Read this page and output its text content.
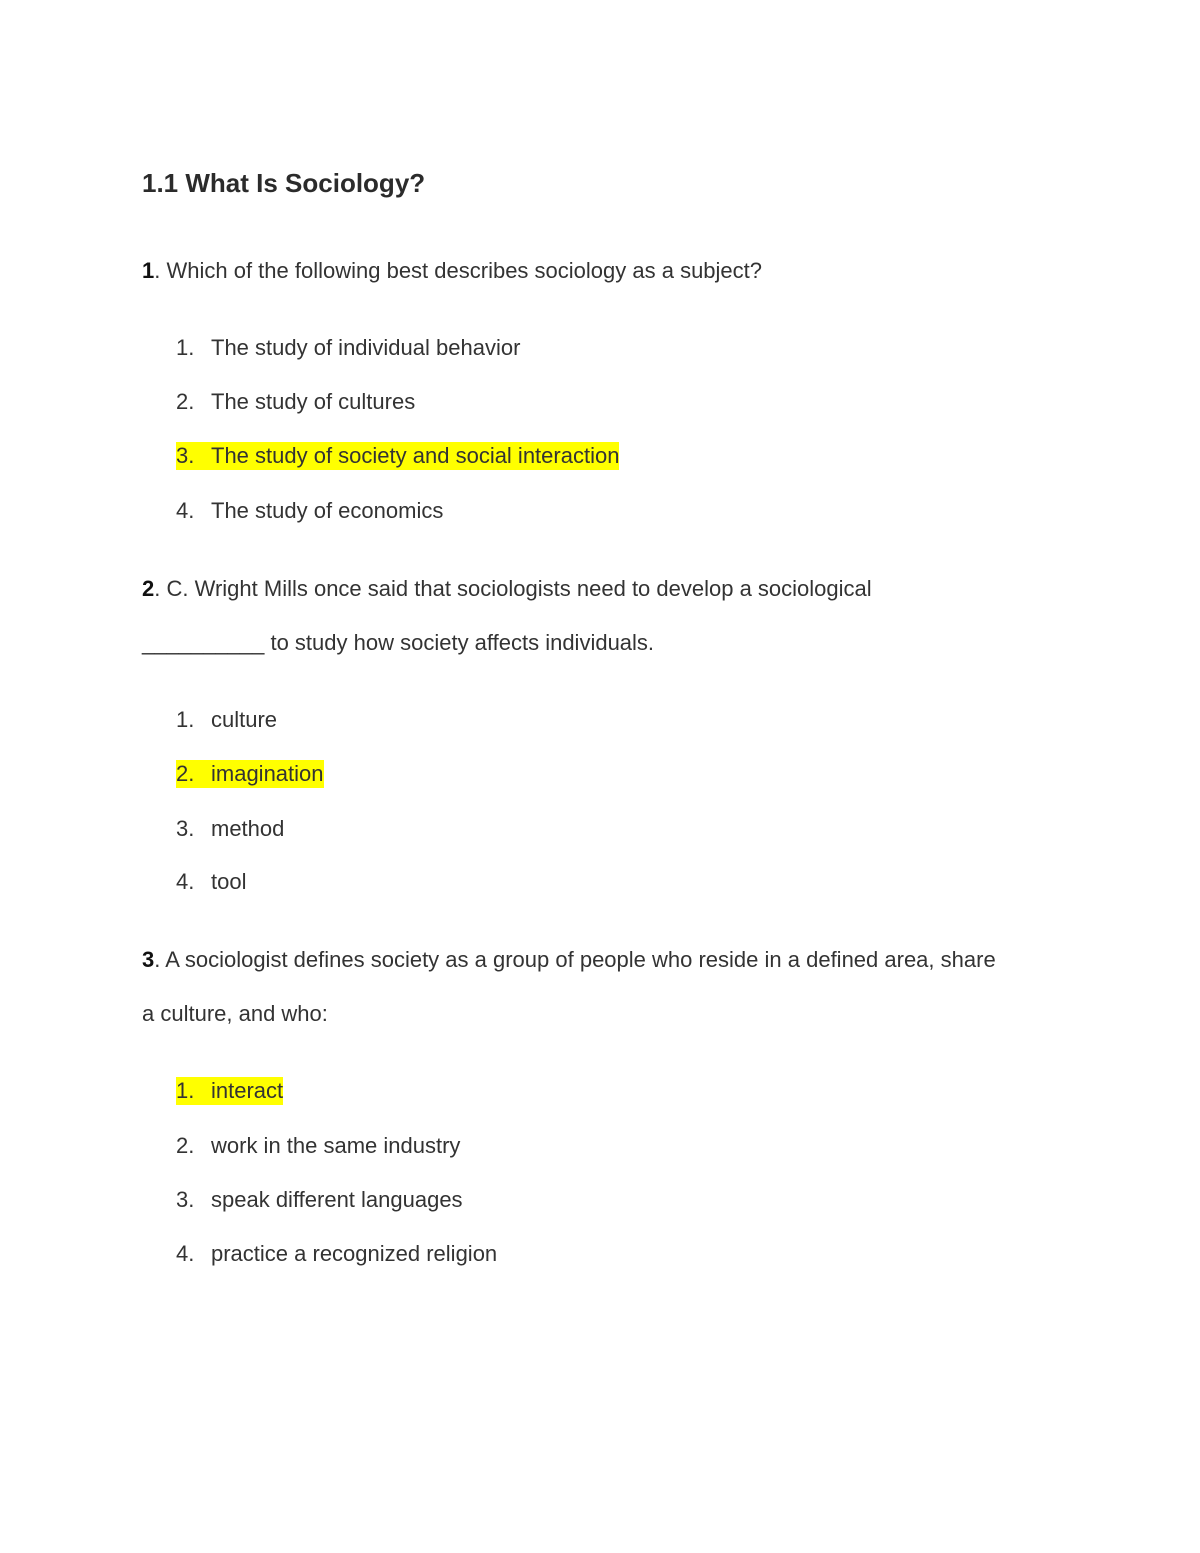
1.1 What Is Sociology?
1. Which of the following best describes sociology as a subject?
1. The study of individual behavior
2. The study of cultures
3. The study of society and social interaction
4. The study of economics
2. C. Wright Mills once said that sociologists need to develop a sociological
__________ to study how society affects individuals.
1. culture
2. imagination
3. method
4. tool
3. A sociologist defines society as a group of people who reside in a defined area, share
a culture, and who:
1. interact
2. work in the same industry
3. speak different languages
4. practice a recognized religion
